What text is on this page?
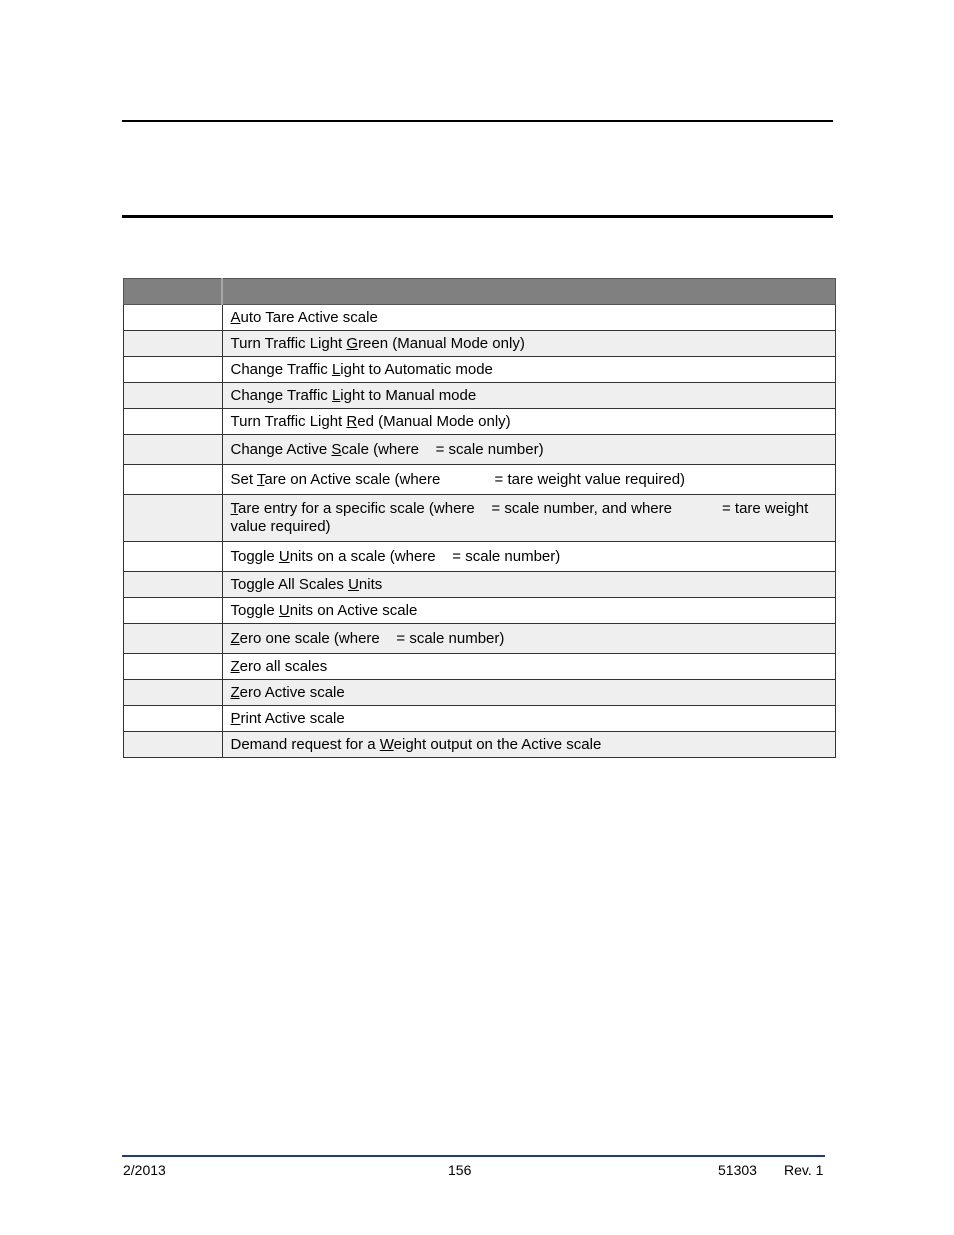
	Auto Tare Active scale
	Turn Traffic Light Green (Manual Mode only)
	Change Traffic Light to Automatic mode
	Change Traffic Light to Manual mode
	Turn Traffic Light Red (Manual Mode only)
	Change Active Scale (where    = scale number)
	Set Tare on Active scale (where             = tare weight value required)
	Tare entry for a specific scale (where    = scale number, and where            = tare weight value required)
	Toggle Units on a scale (where    = scale number)
	Toggle All Scales Units
	Toggle Units on Active scale
	Zero one scale (where    = scale number)
	Zero all scales
	Zero Active scale
	Print Active scale
	Demand request for a Weight output on the Active scale
2/2013	156	51303 Rev. 1
